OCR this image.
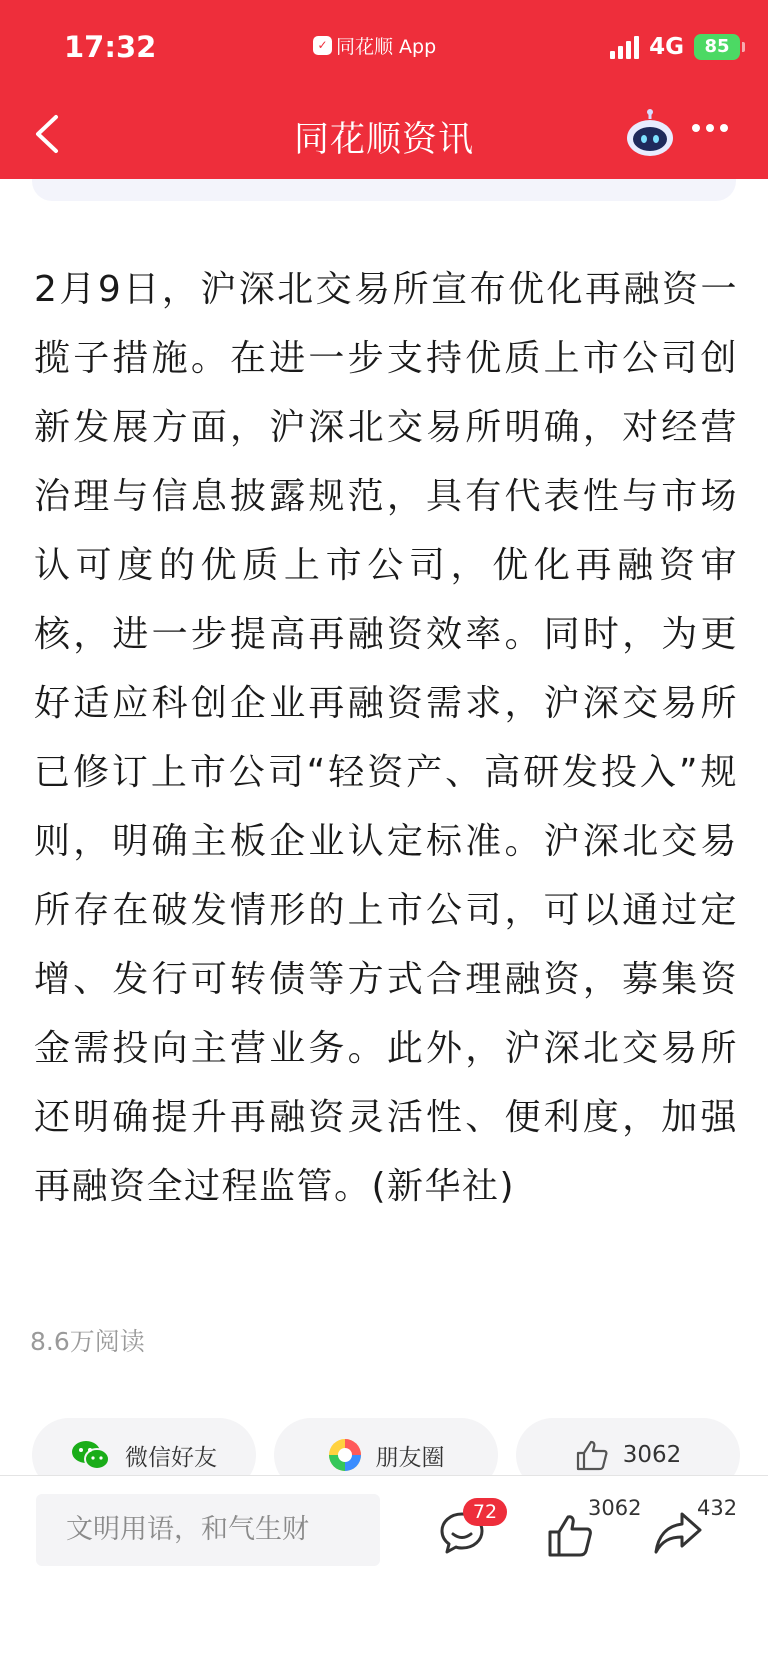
17:32	✓ 同花顺 App	4G	85
同花顺资讯
2月9日，沪深北交易所宣布优化再融资一揽子措施。在进一步支持优质上市公司创新发展方面，沪深北交易所明确，对经营治理与信息披露规范，具有代表性与市场认可度的优质上市公司，优化再融资审核，进一步提高再融资效率。同时，为更好适应科创企业再融资需求，沪深交易所已修订上市公司“轻资产、高研发投入”规则，明确主板企业认定标准。沪深北交易所存在破发情形的上市公司，可以通过定增、发行可转债等方式合理融资，募集资金需投向主营业务。此外，沪深北交易所还明确提升再融资灵活性、便利度，加强再融资全过程监管。(新华社)
8.6万阅读
微信好友	朋友圈	3062
文明用语，和气生财
72	3062	432
